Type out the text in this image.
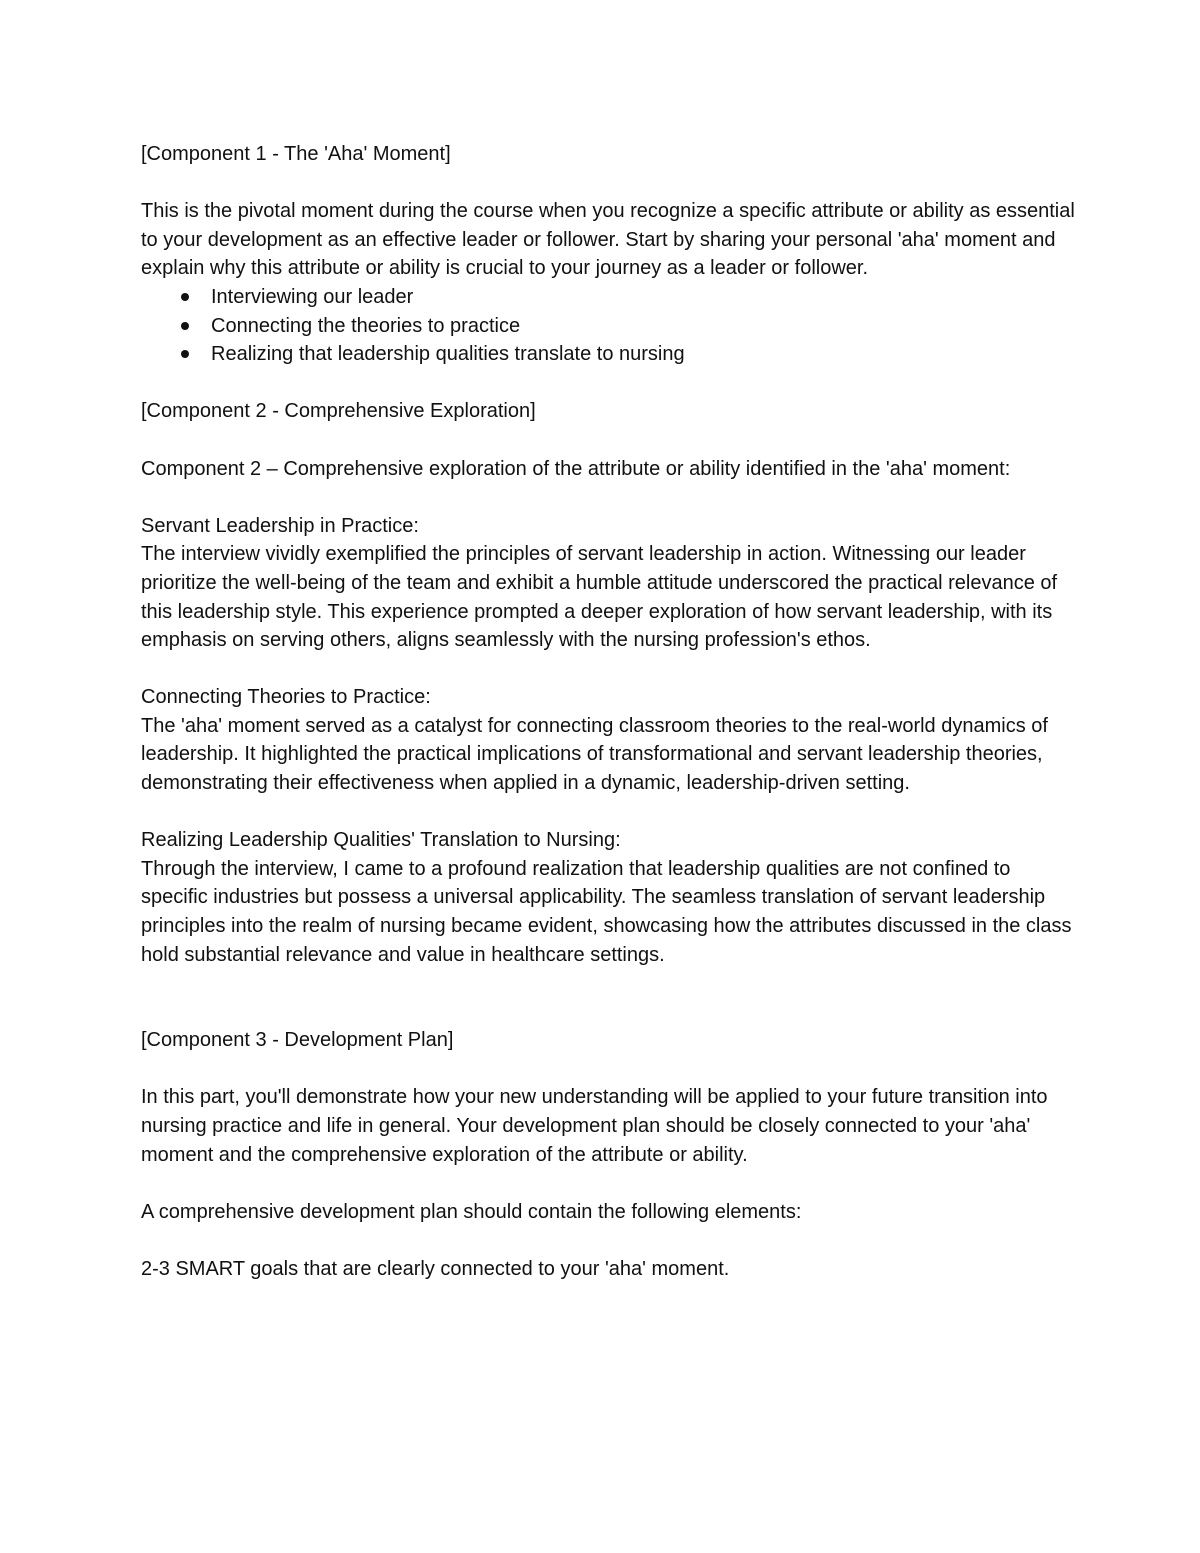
[Component 1 - The 'Aha' Moment]

This is the pivotal moment during the course when you recognize a specific attribute or ability as essential to your development as an effective leader or follower. Start by sharing your personal 'aha' moment and explain why this attribute or ability is crucial to your journey as a leader or follower.

Interviewing our leader
Connecting the theories to practice
Realizing that leadership qualities translate to nursing

[Component 2 - Comprehensive Exploration]

Component 2 – Comprehensive exploration of the attribute or ability identified in the 'aha' moment:

Servant Leadership in Practice:

The interview vividly exemplified the principles of servant leadership in action. Witnessing our leader prioritize the well-being of the team and exhibit a humble attitude underscored the practical relevance of this leadership style. This experience prompted a deeper exploration of how servant leadership, with its emphasis on serving others, aligns seamlessly with the nursing profession's ethos.

Connecting Theories to Practice:

The 'aha' moment served as a catalyst for connecting classroom theories to the real-world dynamics of leadership. It highlighted the practical implications of transformational and servant leadership theories, demonstrating their effectiveness when applied in a dynamic, leadership-driven setting.

Realizing Leadership Qualities' Translation to Nursing:

Through the interview, I came to a profound realization that leadership qualities are not confined to specific industries but possess a universal applicability. The seamless translation of servant leadership principles into the realm of nursing became evident, showcasing how the attributes discussed in the class hold substantial relevance and value in healthcare settings.

[Component 3 - Development Plan]

In this part, you'll demonstrate how your new understanding will be applied to your future transition into nursing practice and life in general. Your development plan should be closely connected to your 'aha' moment and the comprehensive exploration of the attribute or ability.

A comprehensive development plan should contain the following elements:

2-3 SMART goals that are clearly connected to your 'aha' moment.
